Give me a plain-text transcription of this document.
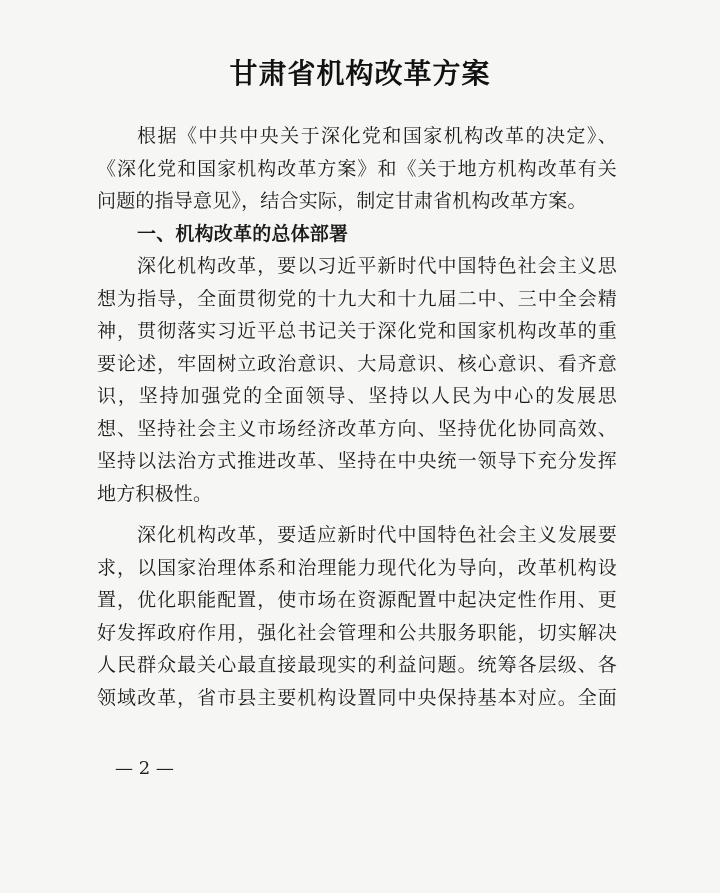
甘肃省机构改革方案
根据《中共中央关于深化党和国家机构改革的决定》、
《深化党和国家机构改革方案》和《关于地方机构改革有关
问题的指导意见》，结合实际，制定甘肃省机构改革方案。
一、机构改革的总体部署
深化机构改革，要以习近平新时代中国特色社会主义思
想为指导，全面贯彻党的十九大和十九届二中、三中全会精
神，贯彻落实习近平总书记关于深化党和国家机构改革的重
要论述，牢固树立政治意识、大局意识、核心意识、看齐意
识，坚持加强党的全面领导、坚持以人民为中心的发展思
想、坚持社会主义市场经济改革方向、坚持优化协同高效、
坚持以法治方式推进改革、坚持在中央统一领导下充分发挥
地方积极性。
深化机构改革，要适应新时代中国特色社会主义发展要
求，以国家治理体系和治理能力现代化为导向，改革机构设
置，优化职能配置，使市场在资源配置中起决定性作用、更
好发挥政府作用，强化社会管理和公共服务职能，切实解决
人民群众最关心最直接最现实的利益问题。统筹各层级、各
领域改革，省市县主要机构设置同中央保持基本对应。全面
— 2 —
